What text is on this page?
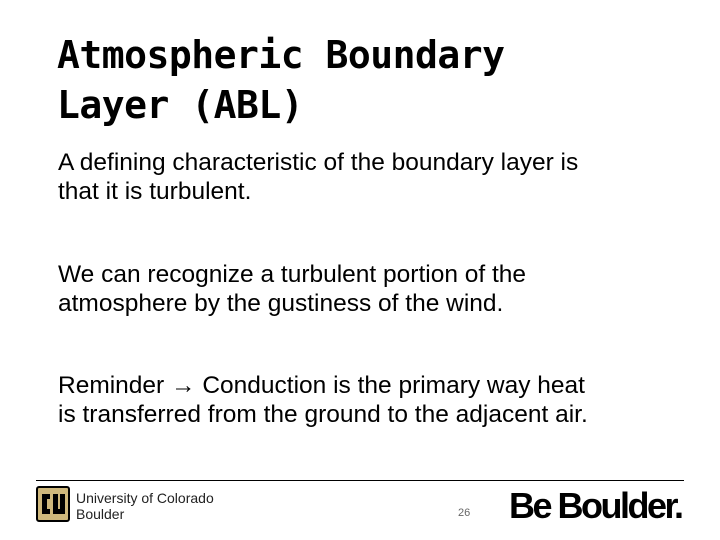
Atmospheric Boundary
Layer (ABL)

A defining characteristic of the boundary layer is
that it is turbulent.

We can recognize a turbulent portion of the
atmosphere by the gustiness of the wind.

Reminder → Conduction is the primary way heat
is transferred from the ground to the adjacent air.

University of Colorado
Boulder	26 Be Boulder.
